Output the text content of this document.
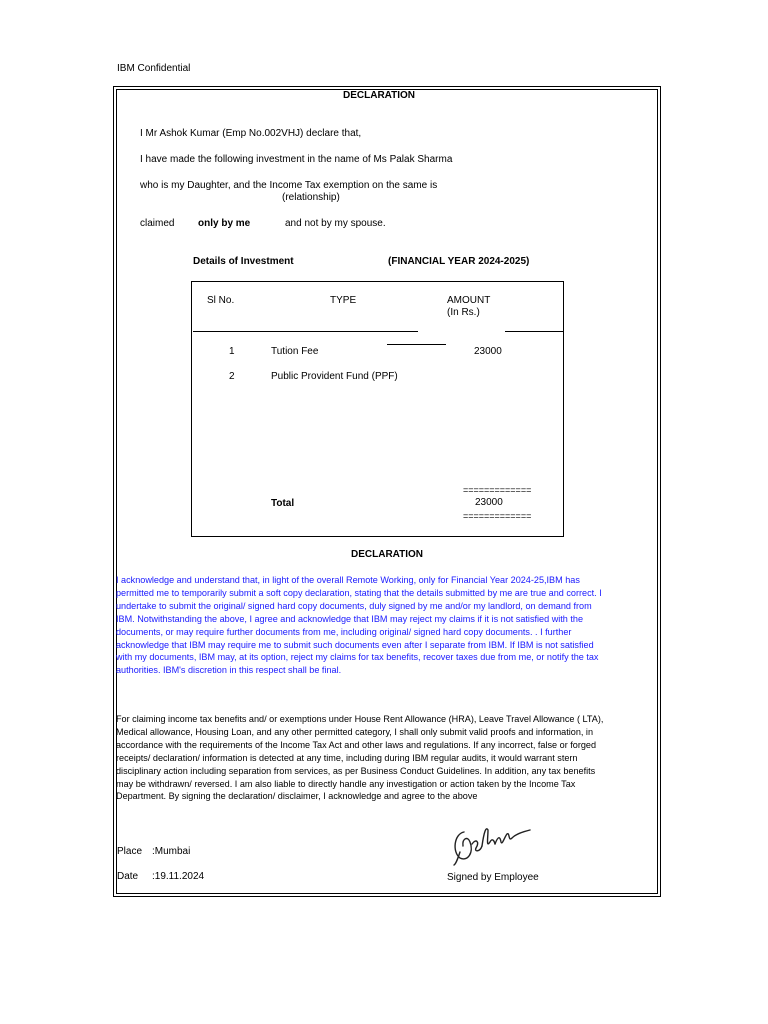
IBM Confidential
DECLARATION
I Mr Ashok Kumar (Emp No.002VHJ) declare that,
I have made the following investment in the name of Ms Palak Sharma
who is my Daughter, and the Income Tax exemption on the same is
(relationship)
claimed only by me	and not by my spouse.
Details of Investment	(FINANCIAL YEAR 2024-2025)
Sl No.	TYPE	AMOUNT
(In Rs.)
1	Tution Fee	23000
2	Public Provident Fund (PPF)
=============
Total	23000
=============
DECLARATION
I acknowledge and understand that, in light of the overall Remote Working, only for Financial Year 2024-25,IBM has
permitted me to temporarily submit a soft copy declaration, stating that the details submitted by me are true and correct. I
undertake to submit the original/ signed hard copy documents, duly signed by me and/or my landlord, on demand from
IBM. Notwithstanding the above, I agree and acknowledge that IBM may reject my claims if it is not satisfied with the
documents, or may require further documents from me, including original/ signed hard copy documents. . I further
acknowledge that IBM may require me to submit such documents even after I separate from IBM. If IBM is not satisfied
with my documents, IBM may, at its option, reject my claims for tax benefits, recover taxes due from me, or notify the tax
authorities. IBM's discretion in this respect shall be final.
For claiming income tax benefits and/ or exemptions under House Rent Allowance (HRA), Leave Travel Allowance ( LTA),
Medical allowance, Housing Loan, and any other permitted category, I shall only submit valid proofs and information, in
accordance with the requirements of the Income Tax Act and other laws and regulations. If any incorrect, false or forged
receipts/ declaration/ information is detected at any time, including during IBM regular audits, it would warrant stern
disciplinary action including separation from services, as per Business Conduct Guidelines. In addition, any tax benefits
may be withdrawn/ reversed. I am also liable to directly handle any investigation or action taken by the Income Tax
Department. By signing the declaration/ disclaimer, I acknowledge and agree to the above
Place :Mumbai
Date :19.11.2024	Signed by Employee
